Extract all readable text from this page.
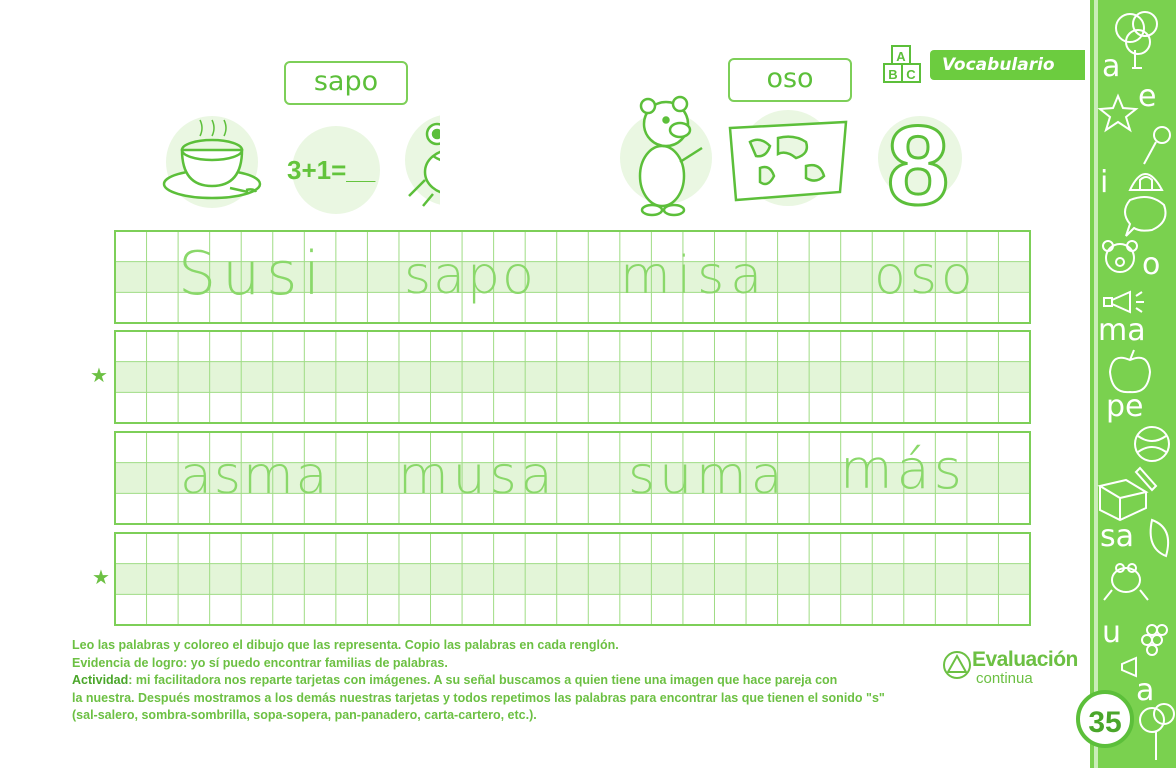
a
e
i
o
ma
pe
sa
u
a
35
A
B C	Vocabulario
sapo	oso
3+1=__	8
★
★
Susi sapo misa oso
asma musa suma más
Leo las palabras y coloreo el dibujo que las representa. Copio las palabras en cada renglón.
Evidencia de logro: yo sí puedo encontrar familias de palabras.
Actividad: mi facilitadora nos reparte tarjetas con imágenes. A su señal buscamos a quien tiene una imagen que hace pareja con
la nuestra. Después mostramos a los demás nuestras tarjetas y todos repetimos las palabras para encontrar las que tienen el sonido "s"
(sal-salero, sombra-sombrilla, sopa-sopera, pan-panadero, carta-cartero, etc.).
Evaluación
continua
